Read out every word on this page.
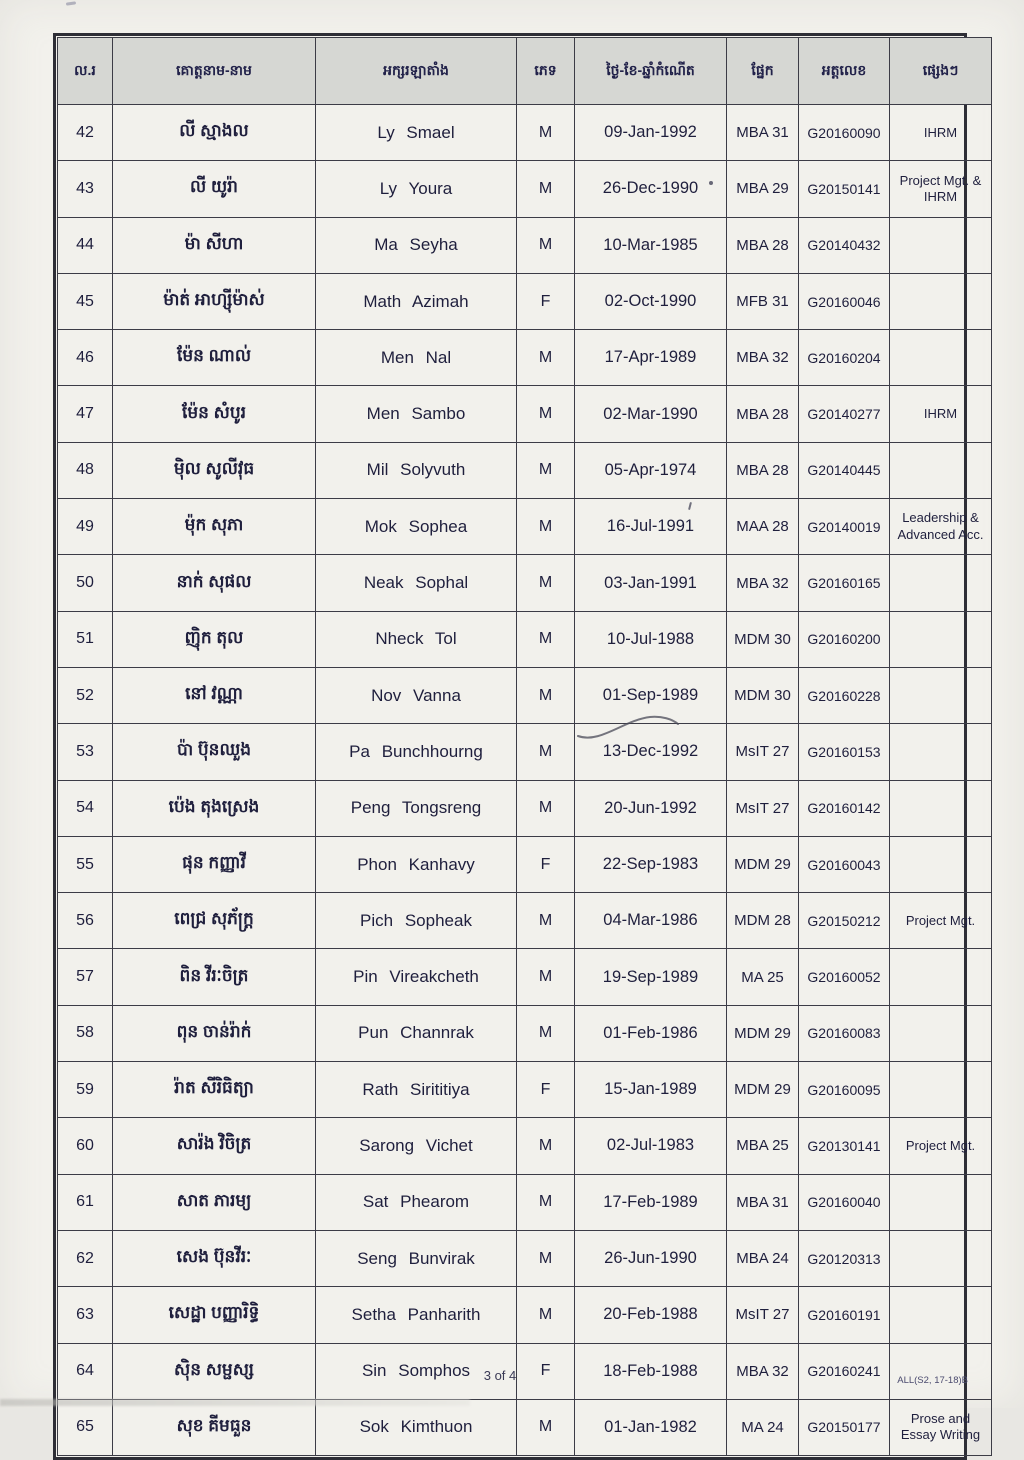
ល.រ	គោត្តនាម-នាម	អក្សរឡាតាំង	ភេទ	ថ្ងៃ-ខែ-ឆ្នាំកំណើត	ផ្នែក	អត្តលេខ	ផ្សេងៗ
42	លី ស្មាងល	Ly Smael	M	09-Jan-1992	MBA 31	G20160090	IHRM
43	លី យូរ៉ា	Ly Youra	M	26-Dec-1990	MBA 29	G20150141	Project Mgt. & IHRM
44	ម៉ា សីហា	Ma Seyha	M	10-Mar-1985	MBA 28	G20140432	
45	ម៉ាត់ អាហ្ស៊ីម៉ាស់	Math Azimah	F	02-Oct-1990	MFB 31	G20160046	
46	ម៉ែន ណាល់	Men Nal	M	17-Apr-1989	MBA 32	G20160204	
47	ម៉ែន សំបូរ	Men Sambo	M	02-Mar-1990	MBA 28	G20140277	IHRM
48	ម៉ិល សូលីវុធ	Mil Solyvuth	M	05-Apr-1974	MBA 28	G20140445	
49	ម៉ុក សុភា	Mok Sophea	M	16-Jul-1991	MAA 28	G20140019	Leadership & Advanced Acc.
50	នាក់ សុផល	Neak Sophal	M	03-Jan-1991	MBA 32	G20160165	
51	ញ៉ិក តុល	Nheck Tol	M	10-Jul-1988	MDM 30	G20160200	
52	នៅ វណ្ណា	Nov Vanna	M	01-Sep-1989	MDM 30	G20160228	
53	ប៉ា ប៊ុនឈួង	Pa Bunchhourng	M	13-Dec-1992	MsIT 27	G20160153	
54	ប៉េង តុងស្រេង	Peng Tongsreng	M	20-Jun-1992	MsIT 27	G20160142	
55	ផុន កញ្ញាវី	Phon Kanhavy	F	22-Sep-1983	MDM 29	G20160043	
56	ពេជ្រ សុភ័ក្ត្រ	Pich Sopheak	M	04-Mar-1986	MDM 28	G20150212	Project Mgt.
57	ពិន វីរៈចិត្រ	Pin Vireakcheth	M	19-Sep-1989	MA 25	G20160052	
58	ពុន ចាន់រ៉ាក់	Pun Channrak	M	01-Feb-1986	MDM 29	G20160083	
59	រ៉ាត សីរិធិត្យា	Rath Sirititiya	F	15-Jan-1989	MDM 29	G20160095	
60	សារ៉ង វិចិត្រ	Sarong Vichet	M	02-Jul-1983	MBA 25	G20130141	Project Mgt.
61	សាត ភារម្យ	Sat Phearom	M	17-Feb-1989	MBA 31	G20160040	
62	សេង ប៊ុនវីរៈ	Seng Bunvirak	M	26-Jun-1990	MBA 24	G20120313	
63	សេដ្ឋា បញ្ញារិទ្ធិ	Setha Panharith	M	20-Feb-1988	MsIT 27	G20160191	
64	ស៊ិន សម្ផស្ស	Sin Somphos	F	18-Feb-1988	MBA 32	G20160241	
65	សុខ គីមធួន	Sok Kimthuon	M	01-Jan-1982	MA 24	G20150177	Prose and Essay Writing
3 of 4	ALL(S2, 17-18)B
